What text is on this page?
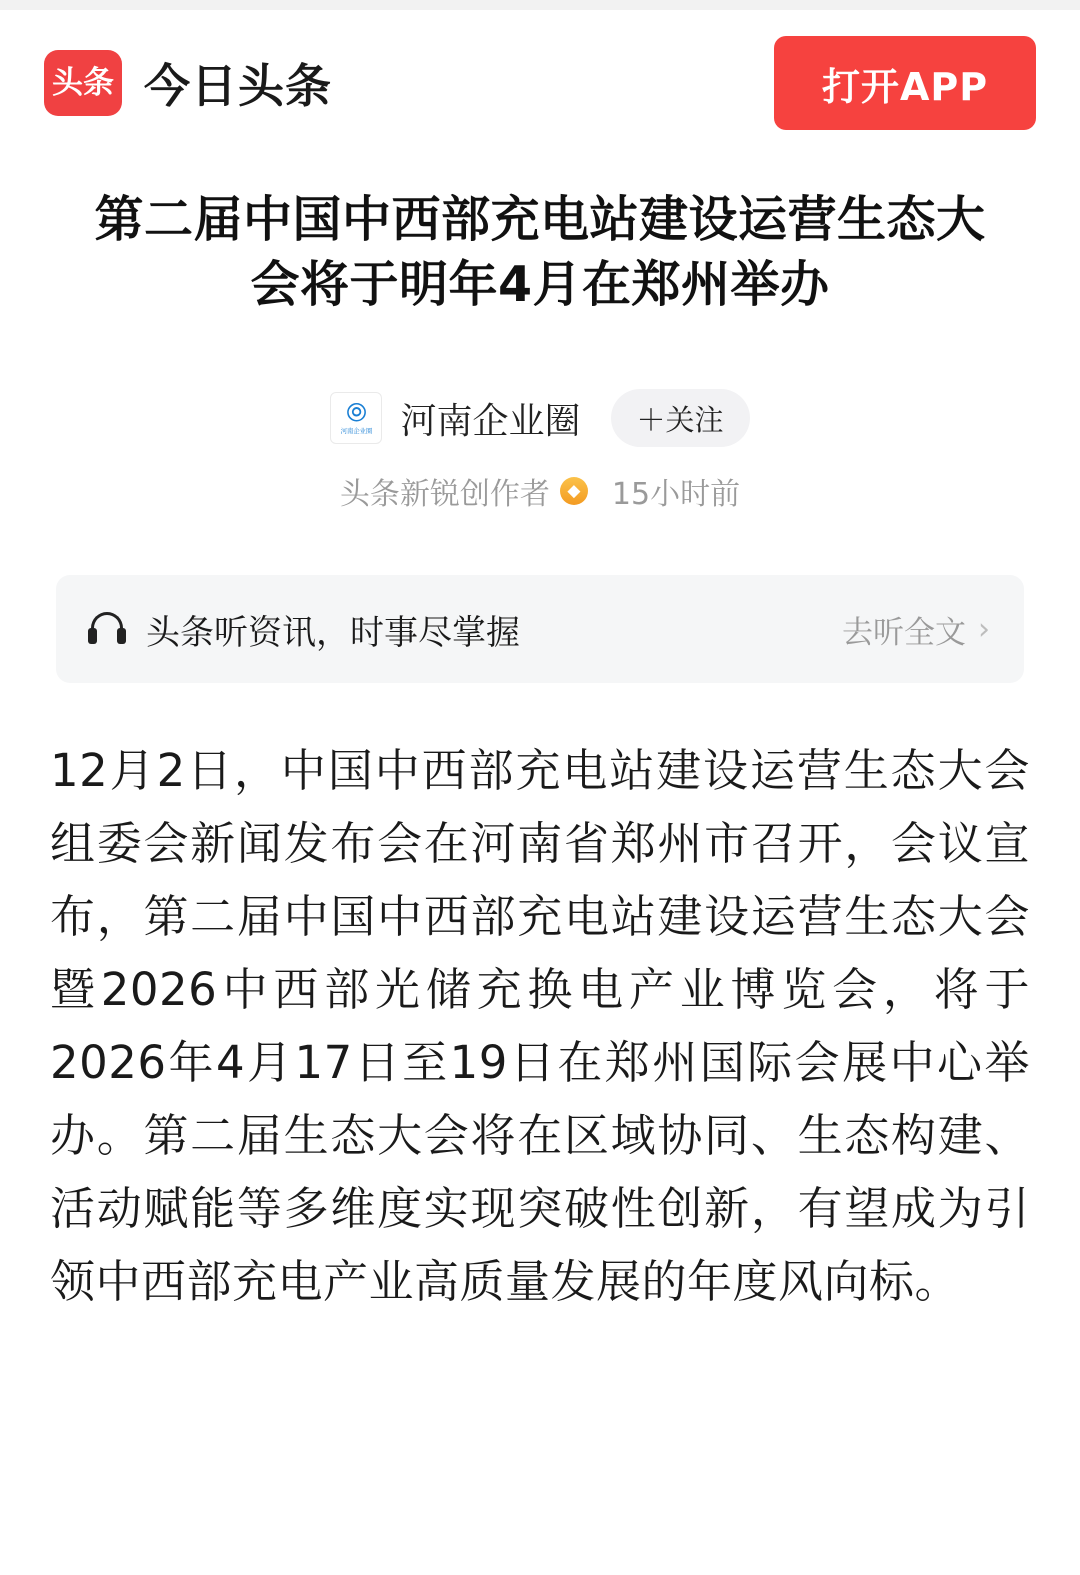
头条 今日头条	打开APP
第二届中国中西部充电站建设运营生态大会将于明年4月在郑州举办
⦾
河南企业圈 河南企业圈	＋关注
头条新锐创作者	◆ 15小时前
头条听资讯，时事尽掌握	去听全文 ›
12月2日，中国中西部充电站建设运营生态大会组委会新闻发布会在河南省郑州市召开，会议宣布，第二届中国中西部充电站建设运营生态大会暨2026中西部光储充换电产业博览会，将于2026年4月17日至19日在郑州国际会展中心举办。第二届生态大会将在区域协同、生态构建、活动赋能等多维度实现突破性创新，有望成为引领中西部充电产业高质量发展的年度风向标。
